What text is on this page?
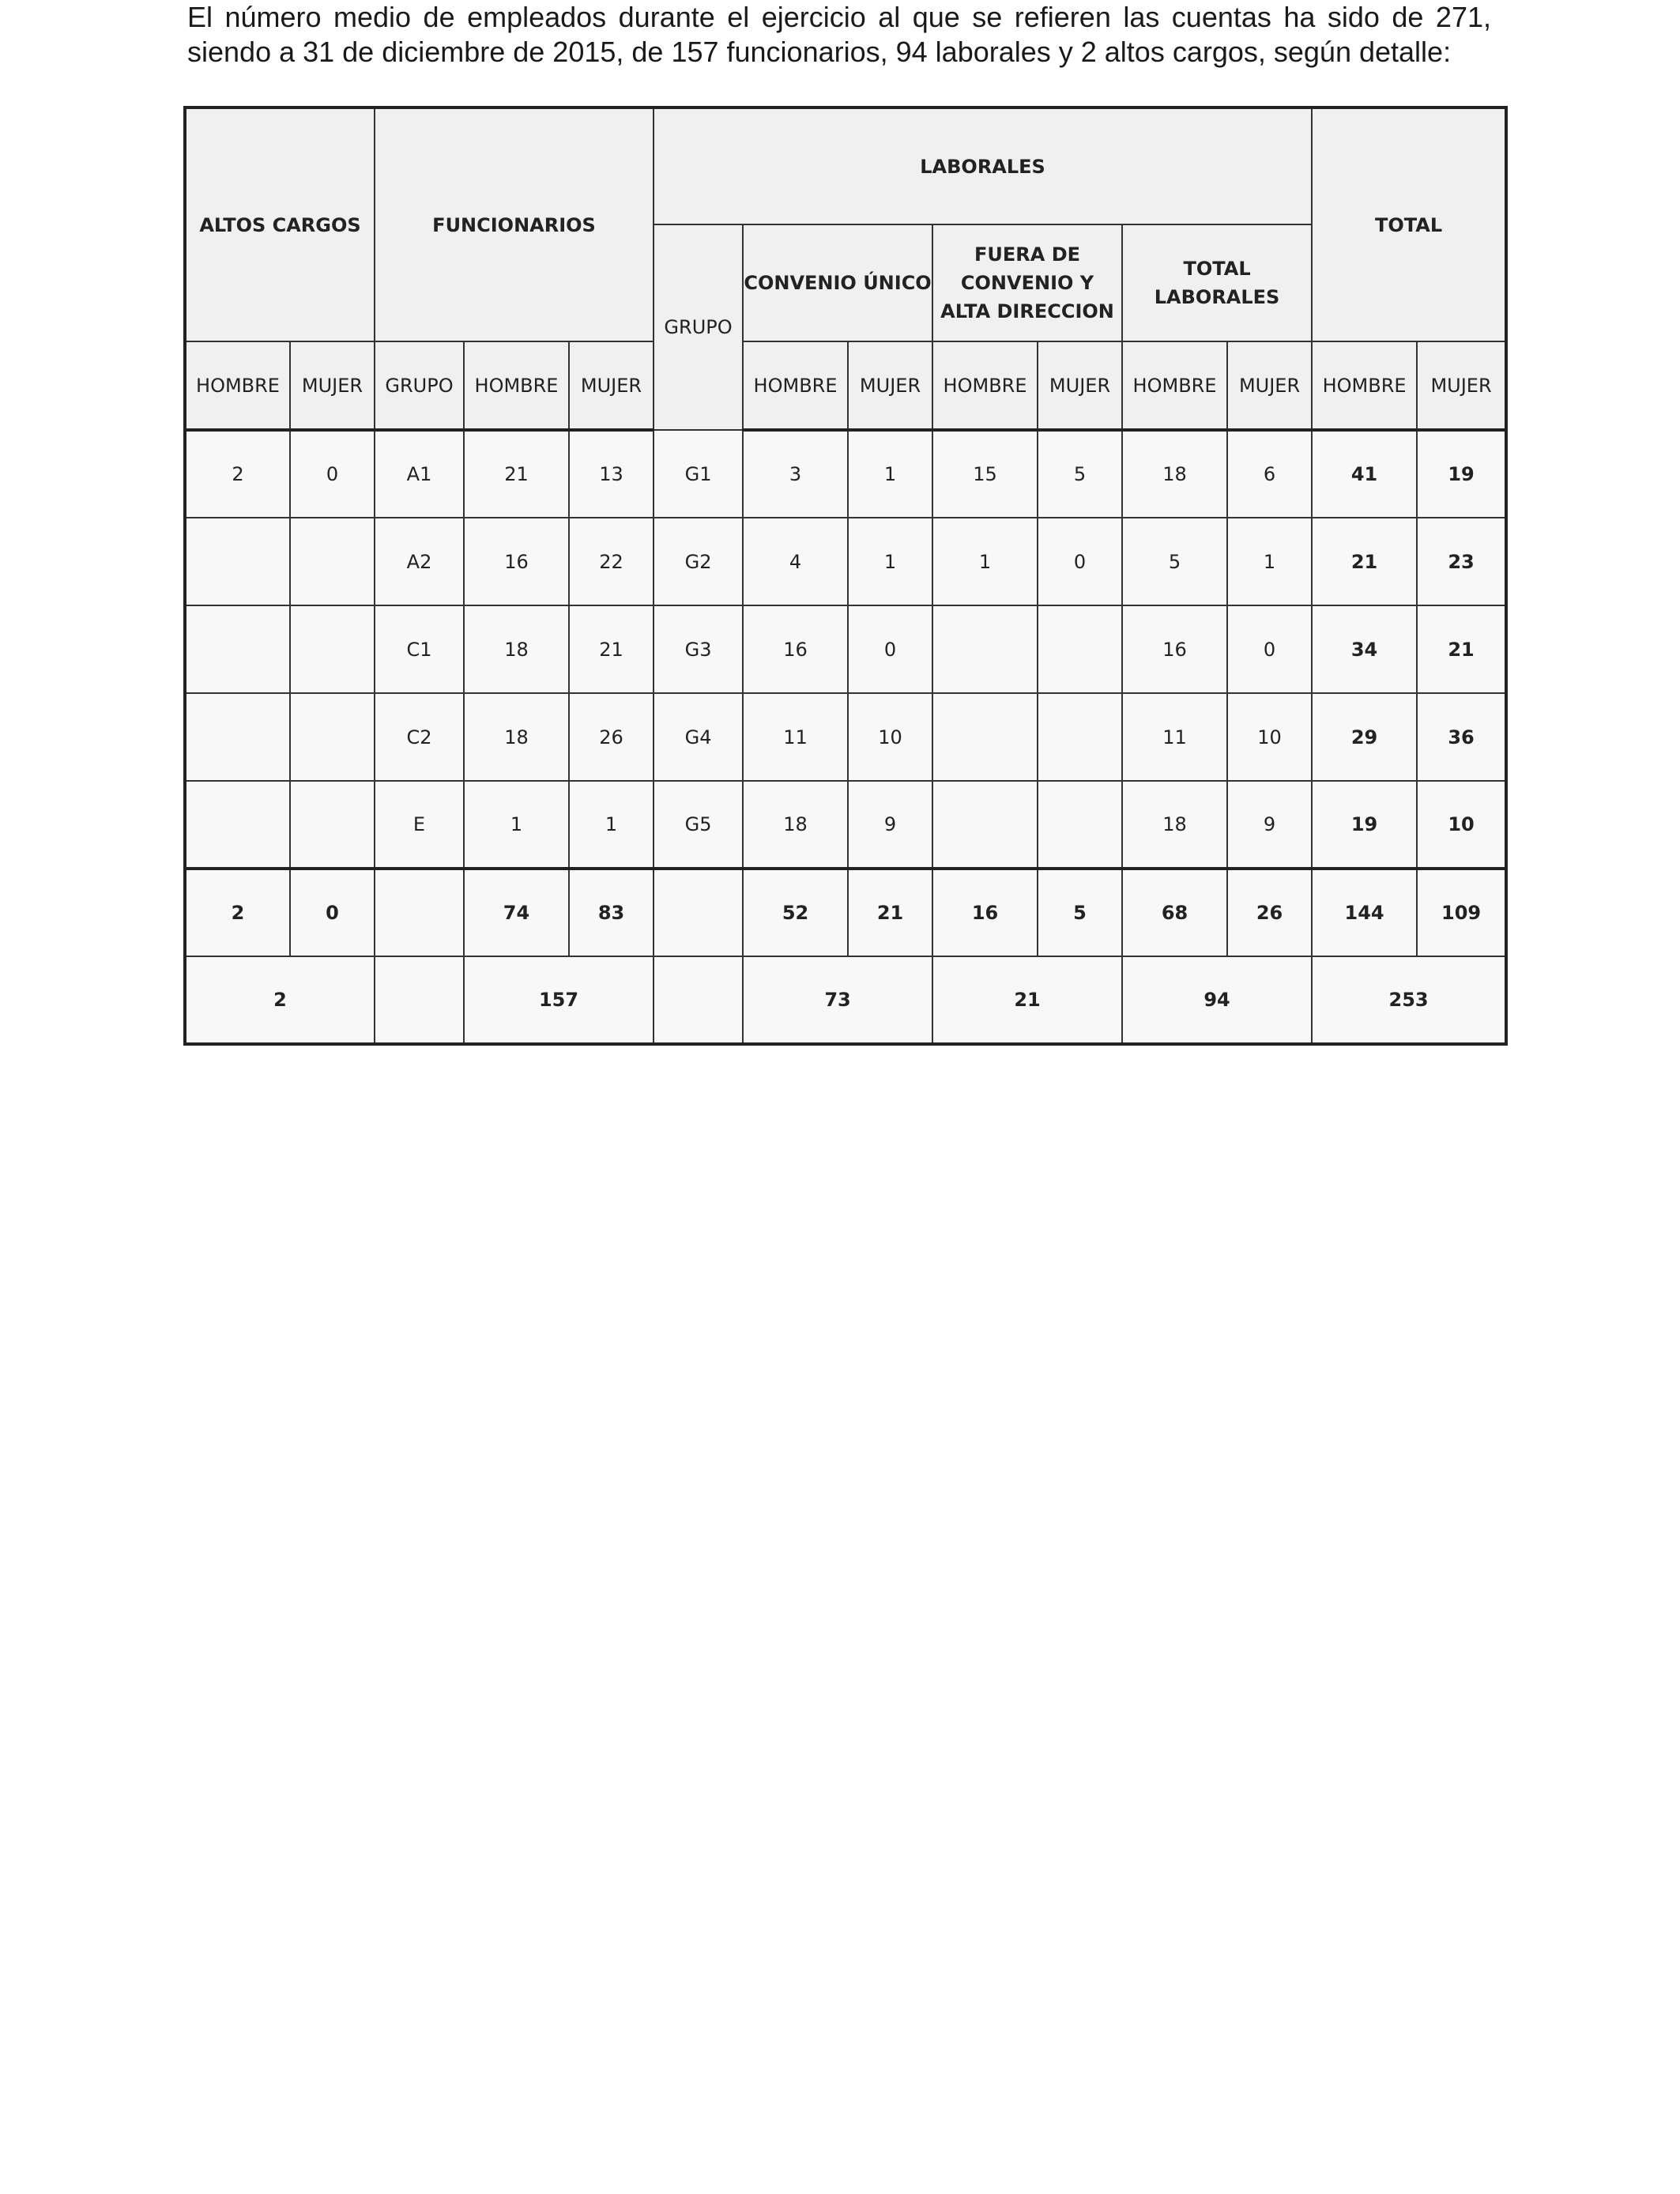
El número medio de empleados durante el ejercicio al que se refieren las cuentas ha sido de 271,

siendo a 31 de diciembre de 2015, de 157 funcionarios, 94 laborales y 2 altos cargos, según detalle:

ALTOS CARGOS		FUNCIONARIOS			LABORALES							TOTAL	
					GRUPO	CONVENIO ÚNICO		FUERA DE CONVENIO Y ALTA DIRECCION		TOTAL LABORALES			
HOMBRE	MUJER	GRUPO	HOMBRE	MUJER		HOMBRE	MUJER	HOMBRE	MUJER	HOMBRE	MUJER	HOMBRE	MUJER
2	0	A1	21	13	G1	3	1	15	5	18	6	41	19
		A2	16	22	G2	4	1	1	0	5	1	21	23
		C1	18	21	G3	16	0			16	0	34	21
		C2	18	26	G4	11	10			11	10	29	36
		E	1	1	G5	18	9			18	9	19	10
2	0		74	83		52	21	16	5	68	26	144	109
2			157			73		21		94		253	
